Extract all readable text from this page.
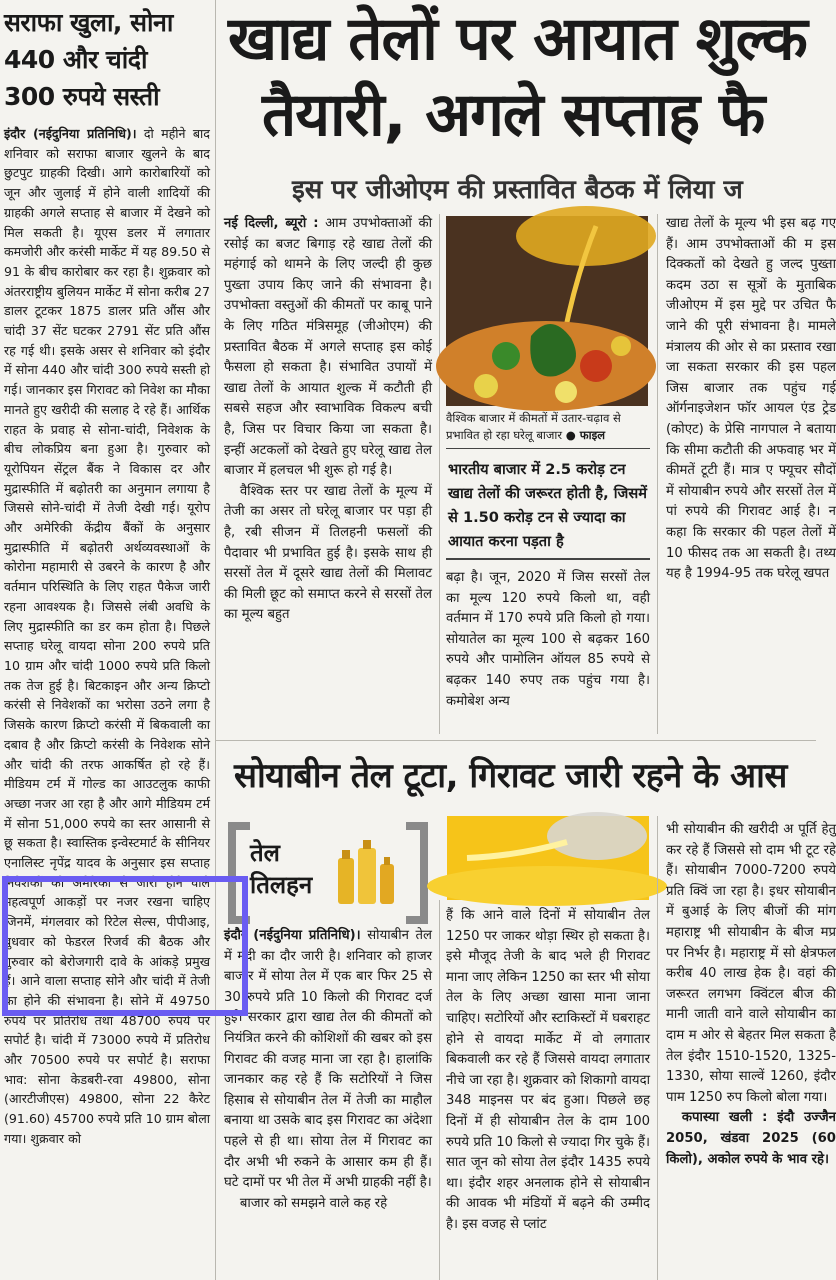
सराफा खुला, सोना
440 और चांदी
300 रुपये सस्ती
इंदौर (नईदुनिया प्रतिनिधि)। दो महीने बाद शनिवार को सराफा बाजार खुलने के बाद छुटपुट ग्राहकी दिखी। आगे कारोबारियों को जून और जुलाई में होने वाली शादियों की ग्राहकी अगले सप्ताह से बाजार में देखने को मिल सकती है। यूएस डलर में लगातार कमजोरी और करंसी मार्केट में यह 89.50 से 91 के बीच कारोबार कर रहा है। शुक्रवार को अंतरराष्ट्रीय बुलियन मार्केट में सोना करीब 27 डालर टूटकर 1875 डालर प्रति औंस और चांदी 37 सेंट घटकर 2791 सेंट प्रति औंस रह गई थी। इसके असर से शनिवार को इंदौर में सोना 440 और चांदी 300 रुपये सस्ती हो गई। जानकार इस गिरावट को निवेश का मौका मानते हुए खरीदी की सलाह दे रहे हैं। आर्थिक राहत के प्रवाह से सोना-चांदी, निवेशक के बीच लोकप्रिय बना हुआ है। गुरुवार को यूरोपियन सेंट्रल बैंक ने विकास दर और मुद्रास्फीति में बढ़ोतरी का अनुमान लगाया है जिससे सोने-चांदी में तेजी देखी गई। यूरोप और अमेरिकी केंद्रीय बैंकों के अनुसार मुद्रास्फीति में बढ़ोतरी अर्थव्यवस्थाओं के कोरोना महामारी से उबरने के कारण है और वर्तमान परिस्थिति के लिए राहत पैकेज जारी रहना आवश्यक है। जिससे लंबी अवधि के लिए मुद्रास्फीति का डर कम होता है। पिछले सप्ताह घरेलू वायदा सोना 200 रुपये प्रति 10 ग्राम और चांदी 1000 रुपये प्रति किलो तक तेज हुई है। बिटकाइन और अन्य क्रिप्टो करंसी से निवेशकों का भरोसा उठने लगा है जिसके कारण क्रिप्टो करंसी में बिकवाली का दबाव है और क्रिप्टो करंसी के निवेशक सोने और चांदी की तरफ आकर्षित हो रहे हैं। मीडियम टर्म में गोल्ड का आउटलुक काफी अच्छा नजर आ रहा है और आगे मीडियम टर्म में सोना 51,000 रुपये का स्तर आसानी से छू सकता है। स्वास्तिक इन्वेस्टमार्ट के सीनियर एनालिस्ट नृपेंद्र यादव के अनुसार इस सप्ताह निवेशकों को अमेरिका से जारी होने वाले महत्वपूर्ण आकड़ों पर नजर रखना चाहिए जिनमें, मंगलवार को रिटेल सेल्स, पीपीआइ, बुधवार को फेडरल रिजर्व की बैठक और गुरुवार को बेरोजगारी दावे के आंकड़े प्रमुख हैं। आने वाला सप्ताह सोने और चांदी में तेजी का होने की संभावना है। सोने में 49750 रुपये पर प्रतिरोध तथा 48700 रुपये पर सपोर्ट है। चांदी में 73000 रुपये में प्रतिरोध और 70500 रुपये पर सपोर्ट है। सराफा भाव: सोना केडबरी-रवा 49800, सोना (आरटीजीएस) 49800, सोना 22 कैरेट (91.60) 45700 रुपये प्रति 10 ग्राम बोला गया। शुक्रवार को
खाद्य तेलों पर आयात शुल्क
तैयारी, अगले सप्ताह फै
इस पर जीओएम की प्रस्तावित बैठक में लिया ज

नई दिल्ली, ब्यूरो : आम उपभोक्ताओं की रसोई का बजट बिगाड़ रहे खाद्य तेलों की महंगाई को थामने के लिए जल्दी ही कुछ पुख्ता उपाय किए जाने की संभावना है। उपभोक्ता वस्तुओं की कीमतों पर काबू पाने के लिए गठित मंत्रिसमूह (जीओएम) की प्रस्तावित बैठक में अगले सप्ताह इस कोई फैसला हो सकता है। संभावित उपायों में खाद्य तेलों के आयात शुल्क में कटौती ही सबसे सहज और स्वाभाविक विकल्प बची है, जिस पर विचार किया जा सकता है। इन्हीं अटकलों को देखते हुए घरेलू खाद्य तेल बाजार में हलचल भी शुरू हो गई है।

वैश्विक स्तर पर खाद्य तेलों के मूल्य में तेजी का असर तो घरेलू बाजार पर पड़ा ही है, रबी सीजन में तिलहनी फसलों की पैदावार भी प्रभावित हुई है। इसके साथ ही सरसों तेल में दूसरे खाद्य तेलों की मिलावट की मिली छूट को समाप्त करने से सरसों तेल का मूल्य बहुत

वैश्विक बाजार में कीमतों में उतार-चढ़ाव से प्रभावित हो रहा घरेलू बाजार ● फाइल
भारतीय बाजार में 2.5 करोड़ टन खाद्य तेलों की जरूरत होती है, जिसमें से 1.50 करोड़ टन से ज्यादा का आयात करना पड़ता है
बढ़ा है। जून, 2020 में जिस सरसों तेल का मूल्य 120 रुपये किलो था, वही वर्तमान में 170 रुपये प्रति किलो हो गया। सोयातेल का मूल्य 100 से बढ़कर 160 रुपये और पामोलिन ऑयल 85 रुपये से बढ़कर 140 रुपए तक पहुंच गया है। कमोबेश अन्य
खाद्य तेलों के मूल्य भी इस बढ़ गए हैं। आम उपभोक्ताओं की म इस दिक्कतों को देखते हु जल्द पुख्ता कदम उठा स सूत्रों के मुताबिक जीओएम में इस मुद्दे पर उचित फै जाने की पूरी संभावना है। मामले मंत्रालय की ओर से का प्रस्ताव रखा जा सकता सरकार की इस पहल जिस बाजार तक पहुंच गई ऑर्गनाइजेशन फॉर आयल एंड ट्रेड (कोएट) के प्रेसि नागपाल ने बताया कि सीमा कटौती की अफवाह भर में कीमतें टूटी हैं। मात्र ए फ्यूचर सौदों में सोयाबीन रुपये और सरसों तेल में पां रुपये की गिरावट आई है। न कहा कि सरकार की पहल तेलों में 10 फीसद तक आ सकती है। तथ्य यह है 1994-95 तक घरेलू खपत
सोयाबीन तेल टूटा, गिरावट जारी रहने के आस
तेल
तिलहन

इंदौर (नईदुनिया प्रतिनिधि)। सोयाबीन तेल में मंदी का दौर जारी है। शनिवार को हाजर बाजार में सोया तेल में एक बार फिर 25 से 30 रुपये प्रति 10 किलो की गिरावट दर्ज हुई। सरकार द्वारा खाद्य तेल की कीमतों को नियंत्रित करने की कोशिशों की खबर को इस गिरावट की वजह माना जा रहा है। हालांकि जानकार कह रहे हैं कि सटोरियों ने जिस हिसाब से सोयाबीन तेल में तेजी का माहौल बनाया था उसके बाद इस गिरावट का अंदेशा पहले से ही था। सोया तेल में गिरावट का दौर अभी भी रुकने के आसार कम ही हैं। घटे दामों पर भी तेल में अभी ग्राहकी नहीं है।

बाजार को समझने वाले कह रहे

हैं कि आने वाले दिनों में सोयाबीन तेल 1250 पर जाकर थोड़ा स्थिर हो सकता है। इसे मौजूद तेजी के बाद भले ही गिरावट माना जाए लेकिन 1250 का स्तर भी सोया तेल के लिए अच्छा खासा माना जाना चाहिए। सटोरियों और स्टाकिस्टों में घबराहट होने से वायदा मार्केट में वो लगातार बिकवाली कर रहे हैं जिससे वायदा लगातार नीचे जा रहा है। शुक्रवार को शिकागो वायदा 348 माइनस पर बंद हुआ। पिछले छह दिनों में ही सोयाबीन तेल के दाम 100 रुपये प्रति 10 किलो से ज्यादा गिर चुके हैं। सात जून को सोया तेल इंदौर 1435 रुपये था। इंदौर शहर अनलाक होने से सोयाबीन की आवक भी मंडियों में बढ़ने की उम्मीद है। इस वजह से प्लांट

भी सोयाबीन की खरीदी अ पूर्ति हेतु कर रहे हैं जिससे सो दाम भी टूट रहे हैं। सोयाबीन 7000-7200 रुपये प्रति क्विं जा रहा है। इधर सोयाबीन में बुआई के लिए बीजों की मांग महाराष्ट्र भी सोयाबीन के बीज मप्र पर निर्भर है। महाराष्ट्र में सो क्षेत्रफल करीब 40 लाख हेक है। वहां की जरूरत लगभग क्विंटल बीज की मानी जाती वाने वाले सोयाबीन का दाम म ओर से बेहतर मिल सकता है तेल इंदौर 1510-1520, 1325-1330, सोया साल्वें 1260, इंदौर पाम 1250 रुप किलो बोला गया।

कपास्या खली : इंदौ उज्जैन 2050, खंडवा 2025 (60 किलो), अकोल रुपये के भाव रहे।
